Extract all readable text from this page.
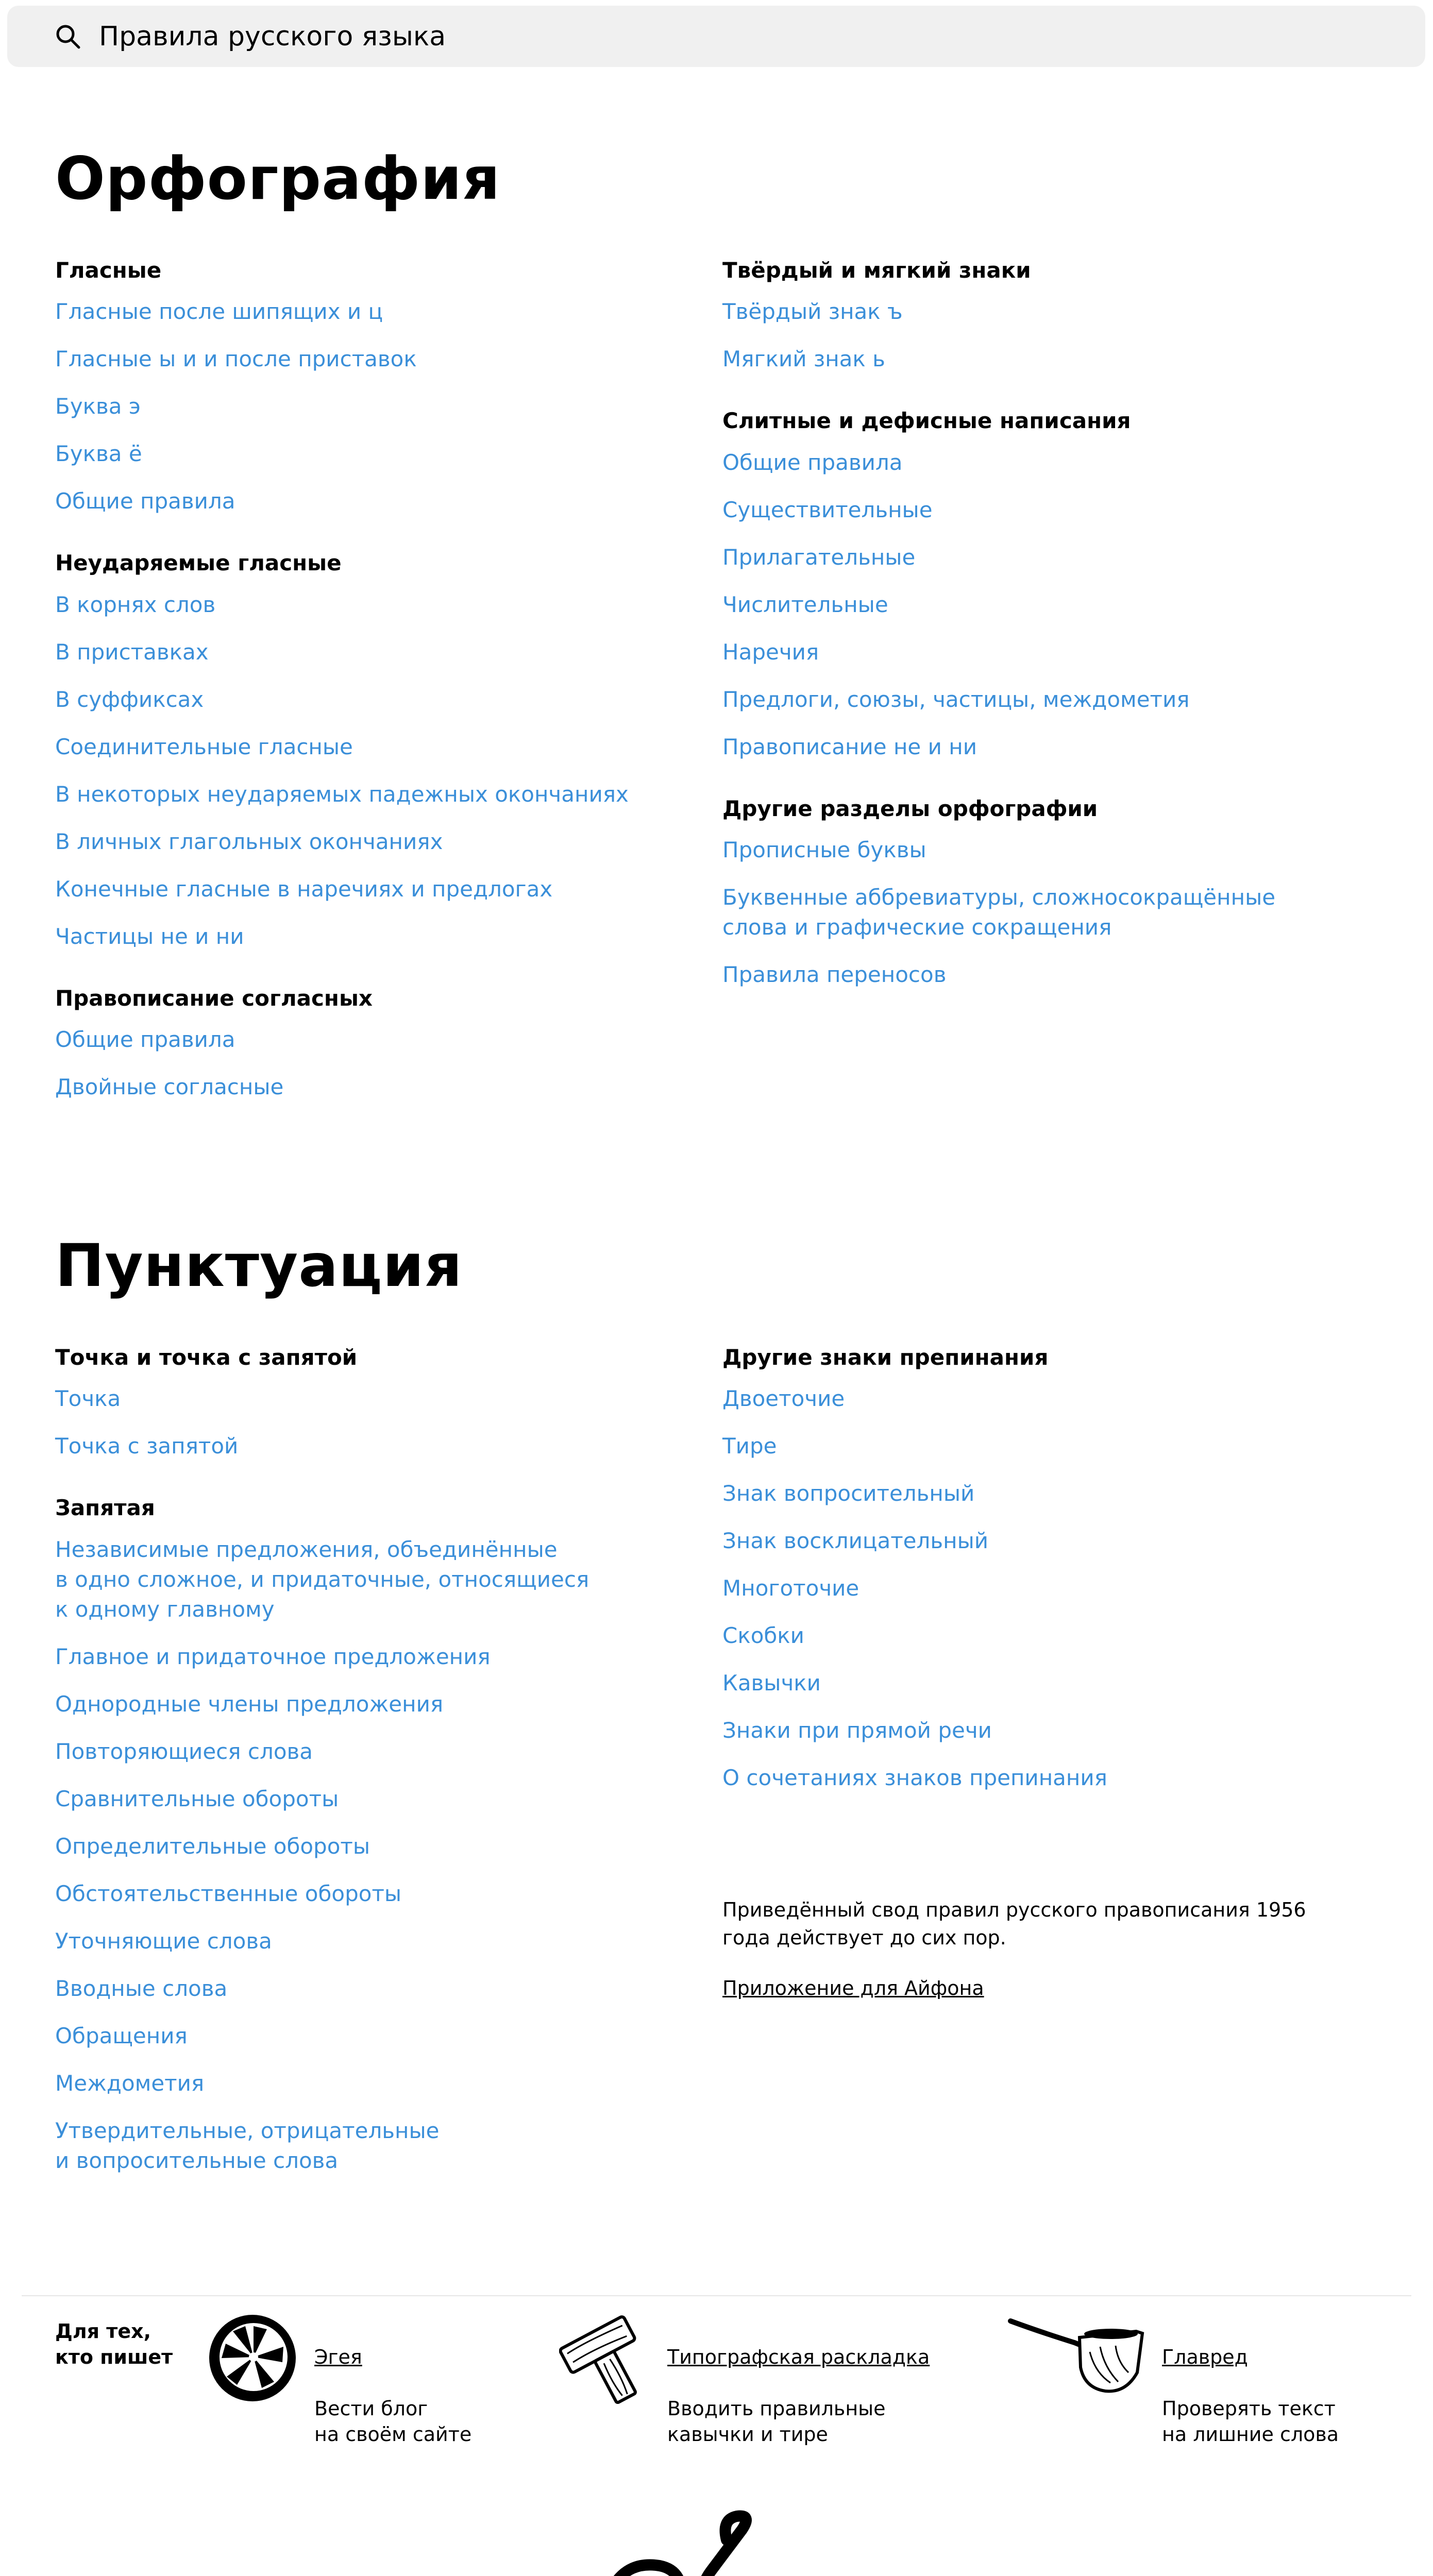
Правила русского языка
Орфография
Гласные
Гласные после шипящих и ц
Гласные ы и и после приставок
Буква э
Буква ё
Общие правила
Неударяемые гласные
В корнях слов
В приставках
В суффиксах
Соединительные гласные
В некоторых неударяемых падежных окончаниях
В личных глагольных окончаниях
Конечные гласные в наречиях и предлогах
Частицы не и ни
Правописание согласных
Общие правила
Двойные согласные
Твёрдый и мягкий знаки
Твёрдый знак ъ
Мягкий знак ь
Слитные и дефисные написания
Общие правила
Существительные
Прилагательные
Числительные
Наречия
Предлоги, союзы, частицы, междометия
Правописание не и ни
Другие разделы орфографии
Прописные буквы
Буквенные аббревиатуры, сложносокращённые
слова и графические сокращения
Правила переносов
Пунктуация
Точка и точка с запятой
Точка
Точка с запятой
Запятая
Независимые предложения, объединённые
в одно сложное, и придаточные, относящиеся
к одному главному
Главное и придаточное предложения
Однородные члены предложения
Повторяющиеся слова
Сравнительные обороты
Определительные обороты
Обстоятельственные обороты
Уточняющие слова
Вводные слова
Обращения
Междометия
Утвердительные, отрицательные
и вопросительные слова
Другие знаки препинания
Двоеточие
Тире
Знак вопросительный
Знак восклицательный
Многоточие
Скобки
Кавычки
Знаки при прямой речи
О сочетаниях знаков препинания

Приведённый свод правил русского правописания 1956 года действует до сих пор.

Приложение для Айфона
Для тех,
кто пишет	Эгея

Вести блог
на своём сайте

Типографская раскладка

Вводить правильные
кавычки и тире

Главред

Проверять текст
на лишние слова
